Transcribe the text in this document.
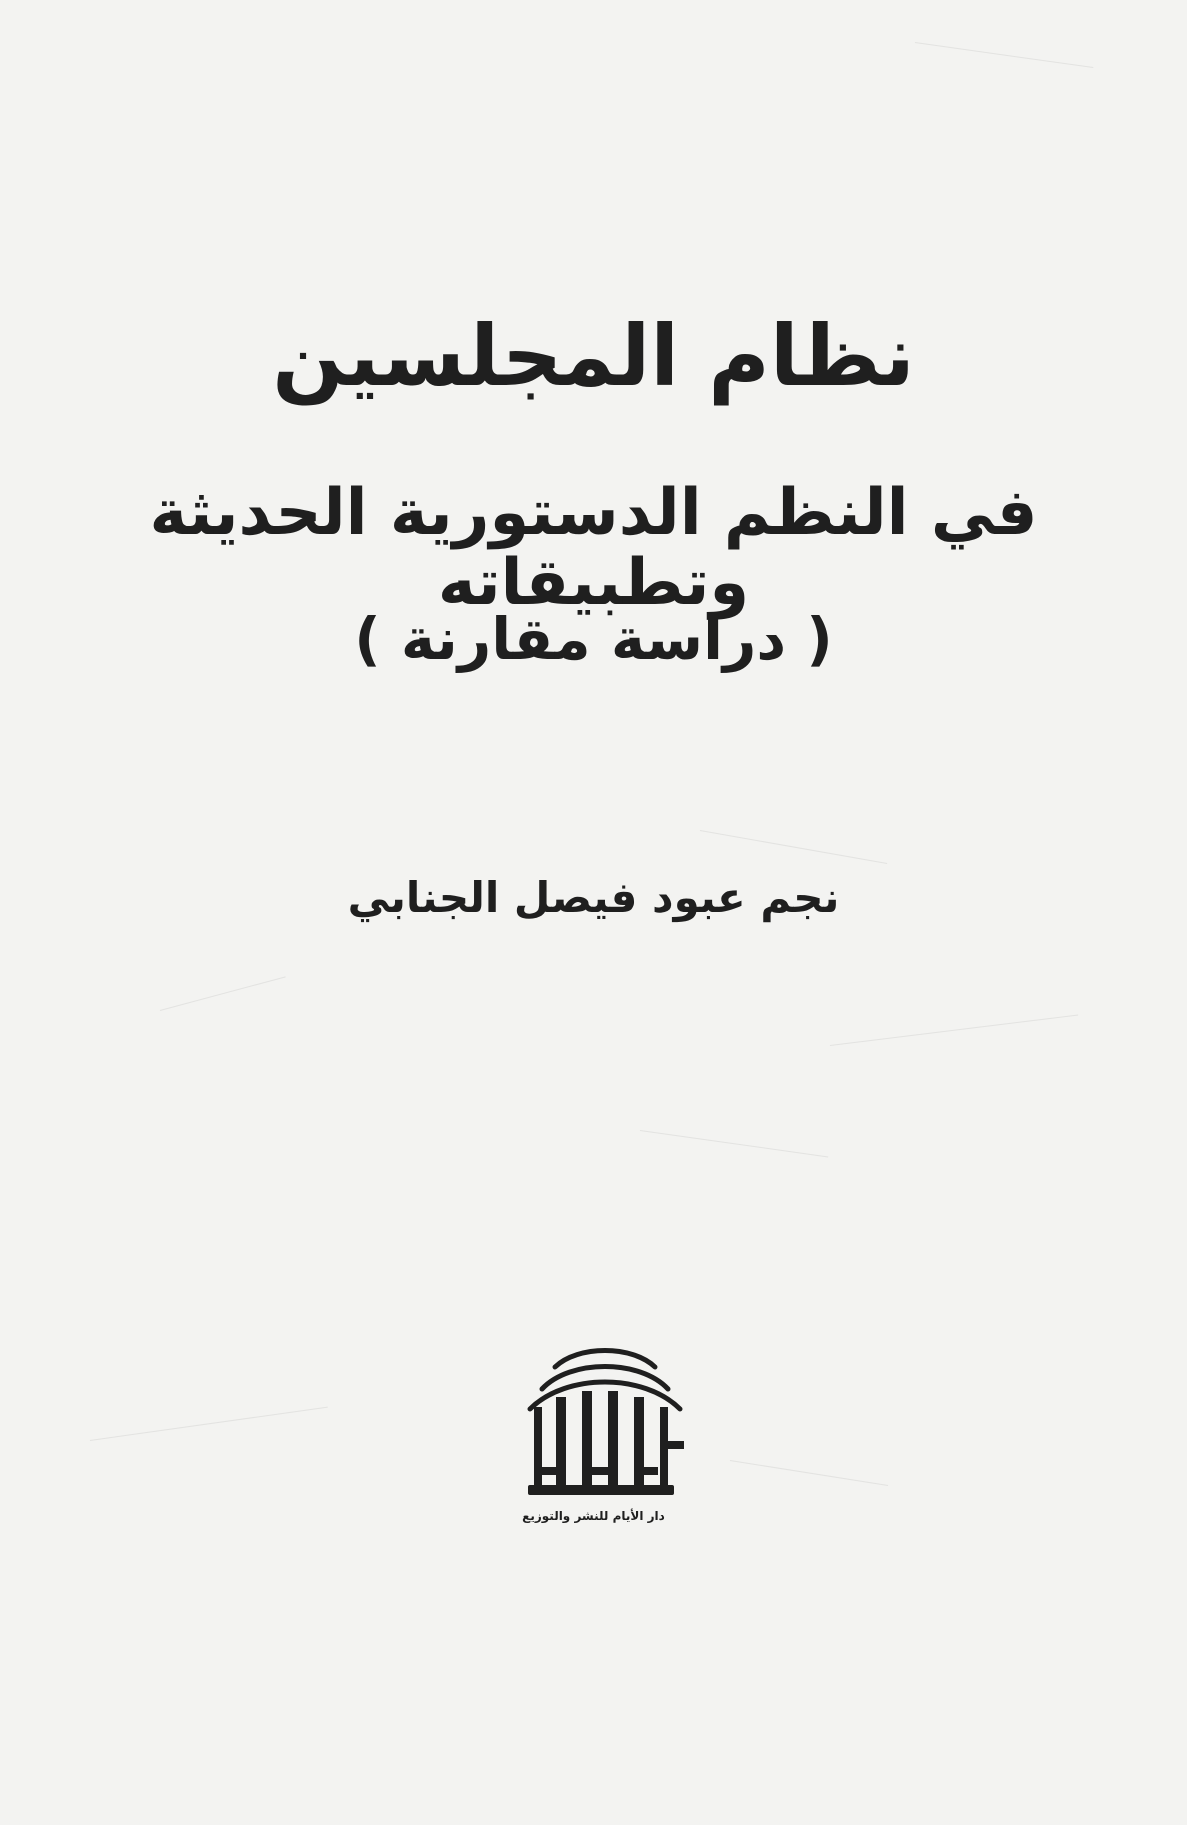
نظام المجلسين
في النظم الدستورية الحديثة وتطبيقاته
( دراسة مقارنة )
نجم عبود فيصل الجنابي
دار الأيام للنشر والتوزيع
